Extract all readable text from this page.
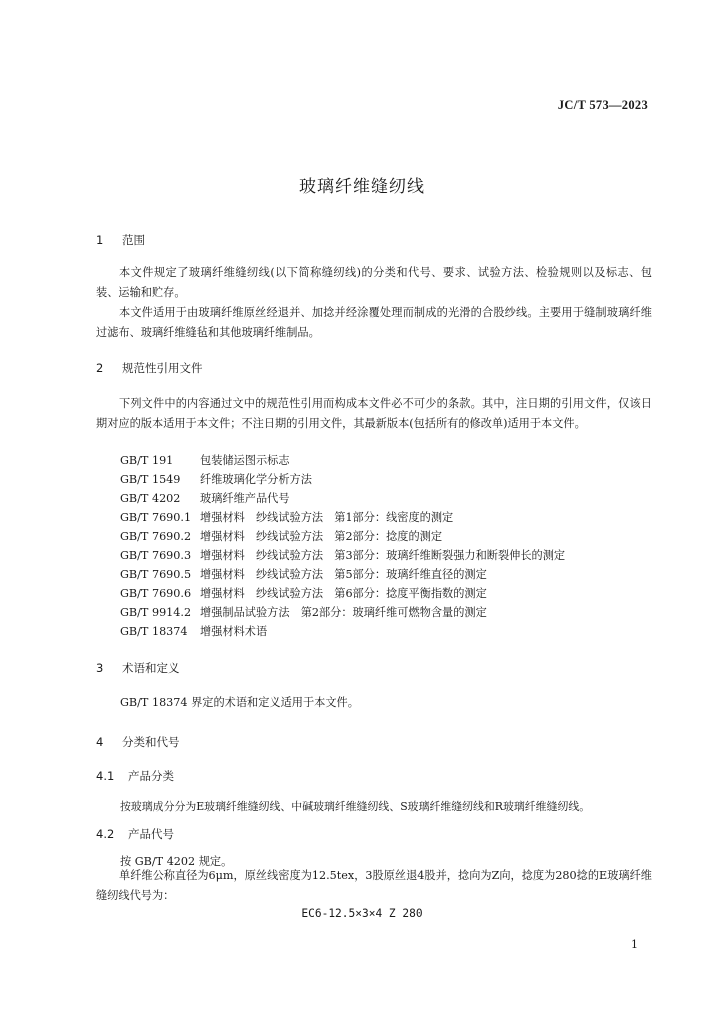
JC/T 573—2023
玻璃纤维缝纫线
1 范围

本文件规定了玻璃纤维缝纫线(以下简称缝纫线)的分类和代号、要求、试验方法、检验规则以及标志、包装、运输和贮存。

本文件适用于由玻璃纤维原丝经退并、加捻并经涂覆处理而制成的光滑的合股纱线。主要用于缝制玻璃纤维过滤布、玻璃纤维缝毡和其他玻璃纤维制品。

2 规范性引用文件

下列文件中的内容通过文中的规范性引用而构成本文件必不可少的条款。其中，注日期的引用文件，仅该日期对应的版本适用于本文件；不注日期的引用文件，其最新版本(包括所有的修改单)适用于本文件。

GB/T 191 包装储运图示标志
GB/T 1549 纤维玻璃化学分析方法
GB/T 4202 玻璃纤维产品代号
GB/T 7690.1 增强材料　纱线试验方法　第1部分：线密度的测定
GB/T 7690.2 增强材料　纱线试验方法　第2部分：捻度的测定
GB/T 7690.3 增强材料　纱线试验方法　第3部分：玻璃纤维断裂强力和断裂伸长的测定
GB/T 7690.5 增强材料　纱线试验方法　第5部分：玻璃纤维直径的测定
GB/T 7690.6 增强材料　纱线试验方法　第6部分：捻度平衡指数的测定
GB/T 9914.2 增强制品试验方法　第2部分：玻璃纤维可燃物含量的测定
GB/T 18374 增强材料术语
3 术语和定义
GB/T 18374 界定的术语和定义适用于本文件。
4 分类和代号
4.1 产品分类
按玻璃成分分为E玻璃纤维缝纫线、中碱玻璃纤维缝纫线、S玻璃纤维缝纫线和R玻璃纤维缝纫线。
4.2 产品代号
按 GB/T 4202 规定。

单纤维公称直径为6μm，原丝线密度为12.5tex，3股原丝退4股并，捻向为Z向，捻度为280捻的E玻璃纤维缝纫线代号为：

EC6-12.5×3×4 Z 280
1
